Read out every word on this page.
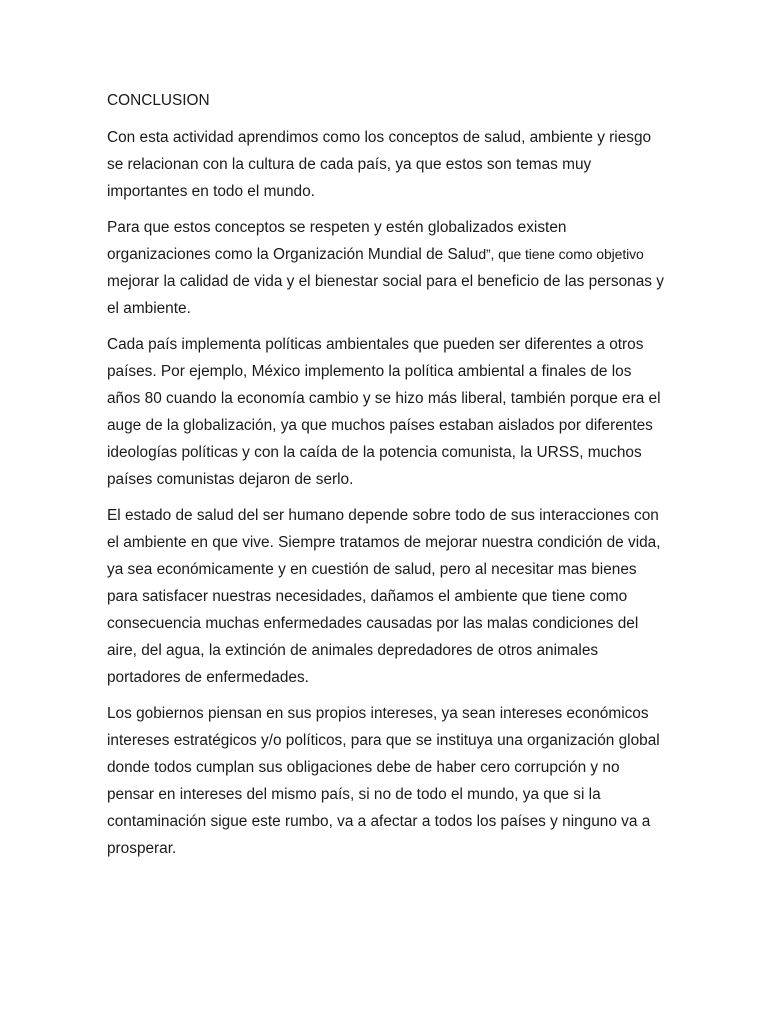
CONCLUSION

Con esta actividad aprendimos como los conceptos de salud, ambiente y riesgo se relacionan con la cultura de cada país, ya que estos son temas muy importantes en todo el mundo.

Para que estos conceptos se respeten y estén globalizados existen organizaciones como la Organización Mundial de Salud”, que tiene como objetivo mejorar la calidad de vida y el bienestar social para el beneficio de las personas y el ambiente.

Cada país implementa políticas ambientales que pueden ser diferentes a otros países. Por ejemplo, México implemento la política ambiental a finales de los años 80 cuando la economía cambio y se hizo más liberal, también porque era el auge de la globalización, ya que muchos países estaban aislados por diferentes ideologías políticas y con la caída de la potencia comunista, la URSS, muchos países comunistas dejaron de serlo.

El estado de salud del ser humano depende sobre todo de sus interacciones con el ambiente en que vive. Siempre tratamos de mejorar nuestra condición de vida, ya sea económicamente y en cuestión de salud, pero al necesitar mas bienes para satisfacer nuestras necesidades, dañamos el ambiente que tiene como consecuencia muchas enfermedades causadas por las malas condiciones del aire, del agua, la extinción de animales depredadores de otros animales portadores de enfermedades.

Los gobiernos piensan en sus propios intereses, ya sean intereses económicos intereses estratégicos y/o políticos, para que se instituya una organización global donde todos cumplan sus obligaciones debe de haber cero corrupción y no pensar en intereses del mismo país, si no de todo el mundo, ya que si la contaminación sigue este rumbo, va a afectar a todos los países y ninguno va a prosperar.
